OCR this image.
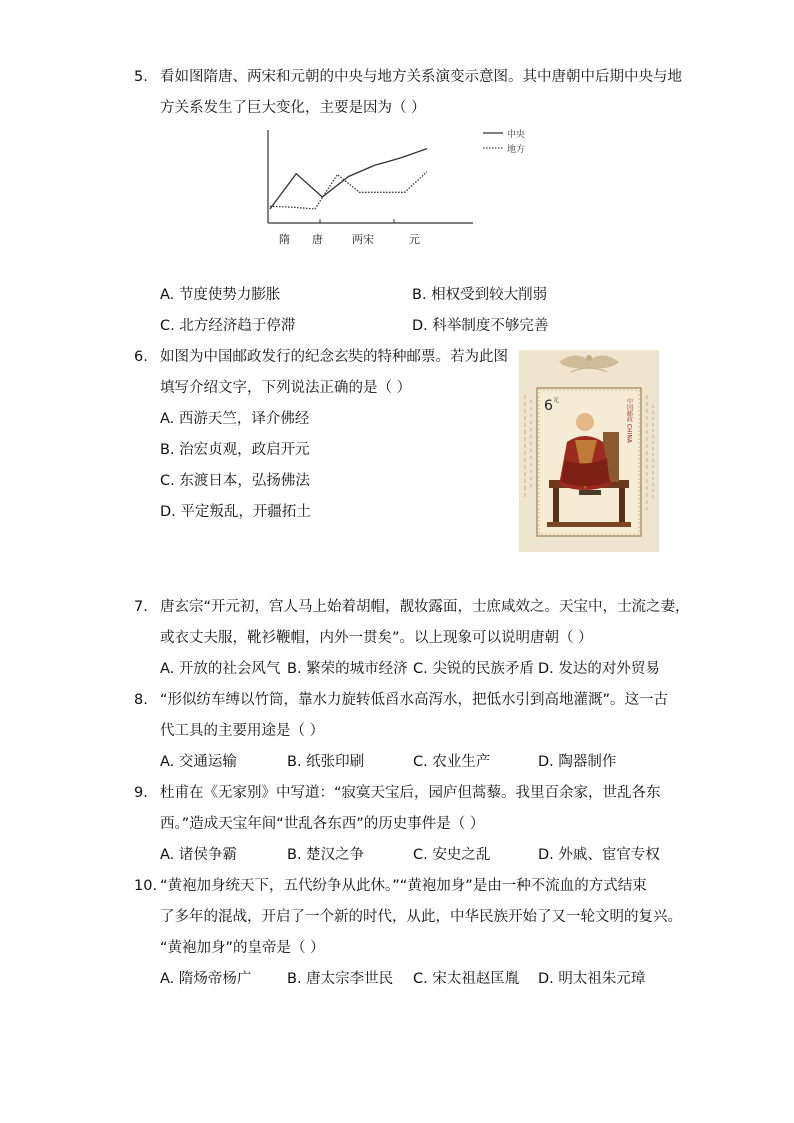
5. 看如图隋唐、两宋和元朝的中央与地方关系演变示意图。其中唐朝中后期中央与地
方关系发生了巨大变化，主要是因为（ ）
中央
地方
隋 唐	两宋	元
A. 节度使势力膨胀	B. 相权受到较大削弱
C. 北方经济趋于停滞	D. 科举制度不够完善
6. 如图为中国邮政发行的纪念玄奘的特种邮票。若为此图
填写介绍文字，下列说法正确的是（ ）
A. 西游天竺，译介佛经
B. 治宏贞观，政启开元
C. 东渡日本，弘扬佛法
D. 平定叛乱，开疆拓土
6 元	中国邮政 CHINA
7. 唐玄宗“开元初，宫人马上始着胡帽，靓妆露面，士庶咸效之。天宝中，士流之妻，
或衣丈夫服，靴衫鞭帽，内外一贯矣”。以上现象可以说明唐朝（ ）
A. 开放的社会风气 B. 繁荣的城市经济 C. 尖锐的民族矛盾 D. 发达的对外贸易
8. “形似纺车缚以竹筒，靠水力旋转低舀水高泻水，把低水引到高地灌溉”。这一古
代工具的主要用途是（ ）
A. 交通运输	B. 纸张印刷	C. 农业生产	D. 陶器制作
9. 杜甫在《无家别》中写道：“寂寞天宝后，园庐但蒿藜。我里百余家，世乱各东
西。”造成天宝年间“世乱各东西”的历史事件是（ ）
A. 诸侯争霸	B. 楚汉之争	C. 安史之乱	D. 外戚、宦官专权
10. “黄袍加身统天下，五代纷争从此休。”“黄袍加身”是由一种不流血的方式结束
了多年的混战，开启了一个新的时代，从此，中华民族开始了又一轮文明的复兴。
“黄袍加身”的皇帝是（ ）
A. 隋炀帝杨广 B. 唐太宗李世民 C. 宋太祖赵匡胤 D. 明太祖朱元璋
